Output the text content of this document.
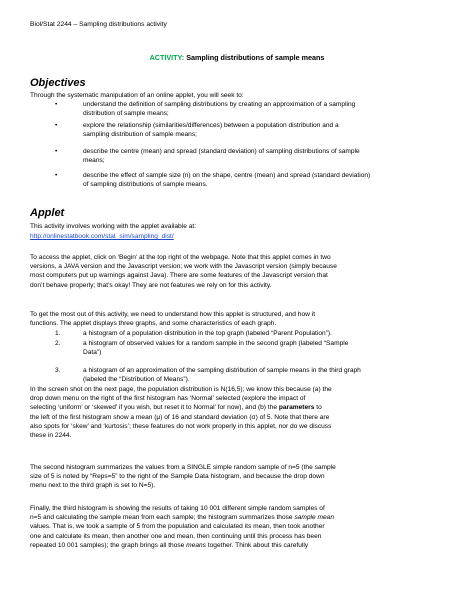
Biol/Stat 2244 – Sampling distributions activity
ACTIVITY: Sampling distributions of sample means
Objectives
Through the systematic manipulation of an online applet, you will seek to:
•	understand the definition of sampling distributions by creating an approximation of a sampling
distribution of sample means;
•	explore the relationship (similarities/differences) between a population distribution and a
sampling distribution of sample means;
•	describe the centre (mean) and spread (standard deviation) of sampling distributions of sample
means;
•	describe the effect of sample size (n) on the shape, centre (mean) and spread (standard deviation)
of sampling distributions of sample means.
Applet
This activity involves working with the applet available at:
http://onlinestatbook.com/stat_sim/sampling_dist/
To access the applet, click on ‘Begin’ at the top right of the webpage. Note that this applet comes in two
versions, a JAVA version and the Javascript version; we work with the Javascript version (simply because
most computers put up warnings against Java). There are some features of the Javascript version that
don’t behave properly; that’s okay! They are not features we rely on for this activity.
To get the most out of this activity, we need to understand how this applet is structured, and how it
functions. The applet displays three graphs, and some characteristics of each graph.
1.	a histogram of a population distribution in the top graph (labeled “Parent Population”).
2.	a histogram of observed values for a random sample in the second graph (labeled “Sample
Data”)
3.	a histogram of an approximation of the sampling distribution of sample means in the third graph
(labeled the “Distribution of Means”).
In the screen shot on the next page, the population distribution is N(16,5); we know this because (a) the
drop down menu on the right of the first histogram has ‘Normal’ selected (explore the impact of
selecting ‘uniform’ or ‘skewed’ if you wish, but reset it to Normal’ for now), and (b) the parameters to
the left of the first histogram show a mean (μ) of 16 and standard deviation (σ) of 5. Note that there are
also spots for ‘skew’ and ‘kurtosis’; these features do not work properly in this applet, nor do we discuss
these in 2244.
The second histogram summarizes the values from a SINGLE simple random sample of n=5 (the sample
size of 5 is noted by “Reps=5” to the right of the Sample Data histogram, and because the drop down
menu next to the third graph is set to N=5).
Finally, the third histogram is showing the results of taking 10 001 different simple random samples of
n=5 and calculating the sample mean from each sample; the histogram summarizes those sample mean
values. That is, we took a sample of 5 from the population and calculated its mean, then took another
one and calculate its mean, then another one and mean, then continuing until this process has been
repeated 10 001 samples); the graph brings all those means together. Think about this carefully
